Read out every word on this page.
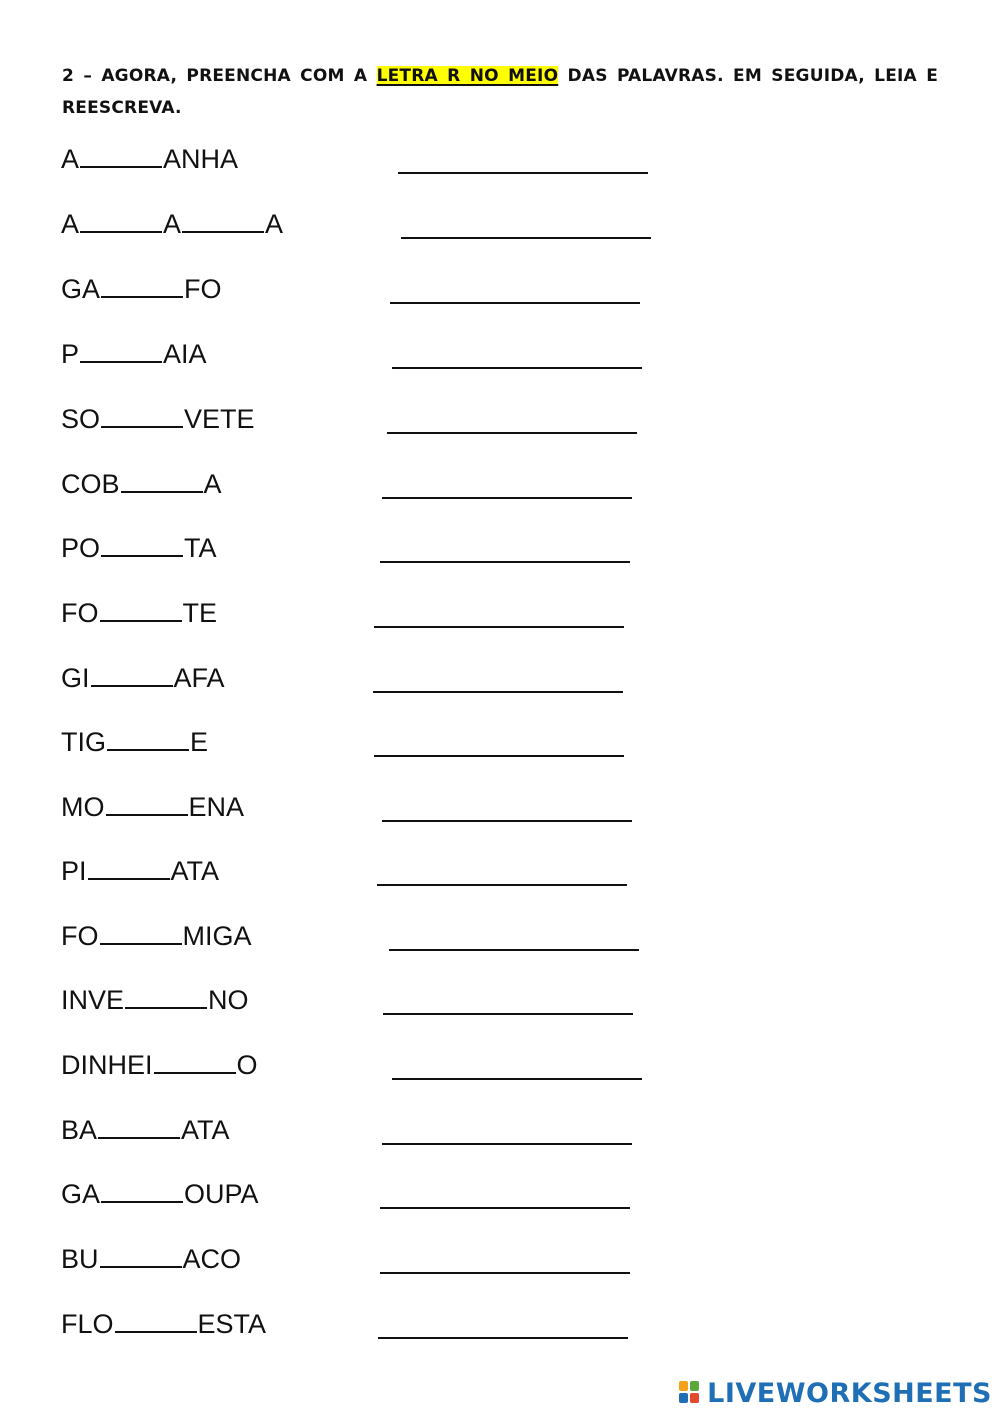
2 – AGORA, PREENCHA COM A LETRA R NO MEIO DAS PALAVRAS. EM SEGUIDA, LEIA E REESCREVA.
A	ANHA
A	A	A
GA	FO
P	AIA
SO	VETE
COB	A
PO	TA
FO	TE
GI	AFA
TIG	E
MO	ENA
PI	ATA
FO	MIGA
INVE	NO
DINHEI	O
BA	ATA
GA	OUPA
BU	ACO
FLO	ESTA
LIVEWORKSHEETS
